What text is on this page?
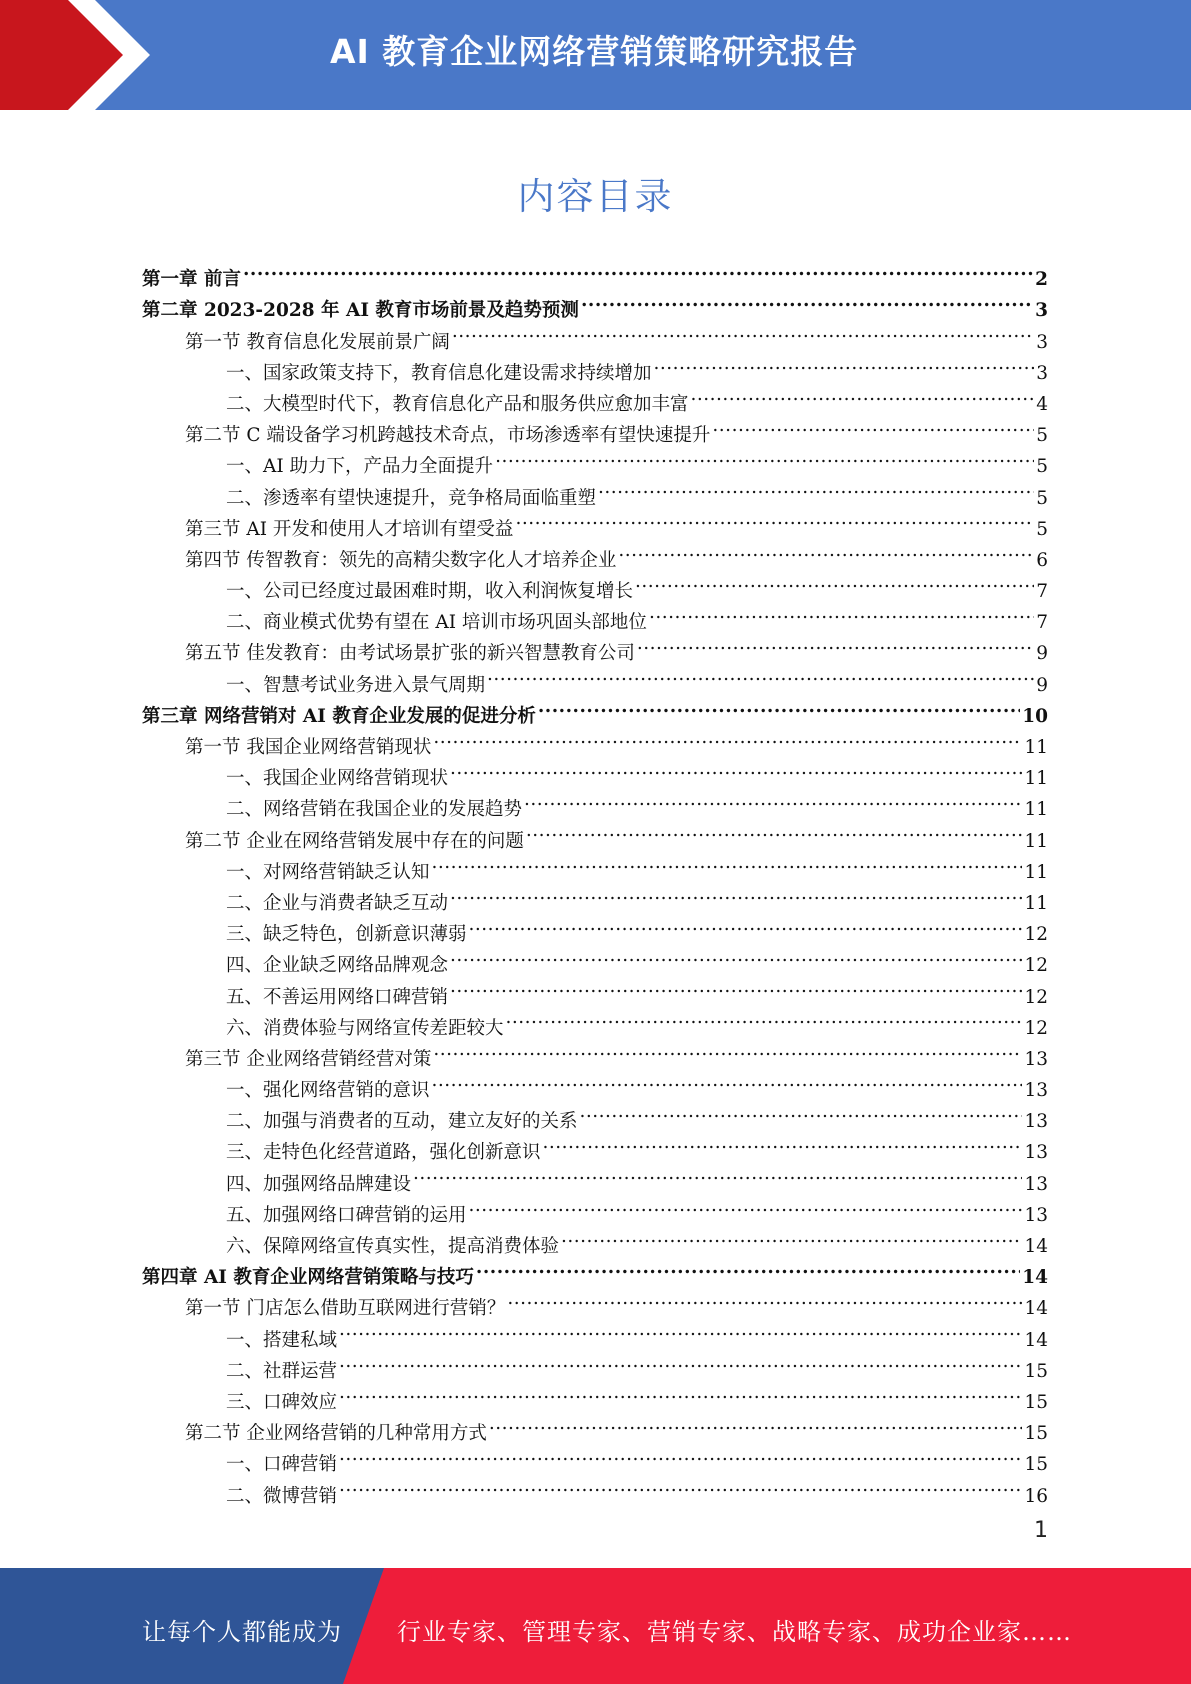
AI 教育企业网络营销策略研究报告
内容目录
第一章 前言 .....	2
第二章 2023-2028 年 AI 教育市场前景及趋势预测 .....	3
第一节 教育信息化发展前景广阔 .....	3
一、国家政策支持下，教育信息化建设需求持续增加 .....	3
二、大模型时代下，教育信息化产品和服务供应愈加丰富 .....	4
第二节 C 端设备学习机跨越技术奇点，市场渗透率有望快速提升 .....	5
一、AI 助力下，产品力全面提升 .....	5
二、渗透率有望快速提升，竞争格局面临重塑 .....	5
第三节 AI 开发和使用人才培训有望受益 .....	5
第四节 传智教育：领先的高精尖数字化人才培养企业 .....	6
一、公司已经度过最困难时期，收入利润恢复增长 .....	7
二、商业模式优势有望在 AI 培训市场巩固头部地位 .....	7
第五节 佳发教育：由考试场景扩张的新兴智慧教育公司 .....	9
一、智慧考试业务进入景气周期 .....	9
第三章 网络营销对 AI 教育企业发展的促进分析 .....	10
第一节 我国企业网络营销现状 .....	11
一、我国企业网络营销现状 .....	11
二、网络营销在我国企业的发展趋势 .....	11
第二节 企业在网络营销发展中存在的问题 .....	11
一、对网络营销缺乏认知 .....	11
二、企业与消费者缺乏互动 .....	11
三、缺乏特色，创新意识薄弱 .....	12
四、企业缺乏网络品牌观念 .....	12
五、不善运用网络口碑营销 .....	12
六、消费体验与网络宣传差距较大 .....	12
第三节 企业网络营销经营对策 .....	13
一、强化网络营销的意识 .....	13
二、加强与消费者的互动，建立友好的关系 .....	13
三、走特色化经营道路，强化创新意识 .....	13
四、加强网络品牌建设 .....	13
五、加强网络口碑营销的运用 .....	13
六、保障网络宣传真实性，提高消费体验 .....	14
第四章 AI 教育企业网络营销策略与技巧 .....	14
第一节 门店怎么借助互联网进行营销？ .....	14
一、搭建私域 .....	14
二、社群运营 .....	15
三、口碑效应 .....	15
第二节 企业网络营销的几种常用方式 .....	15
一、口碑营销 .....	15
二、微博营销 .....	16
1
让每个人都能成为 行业专家、管理专家、营销专家、战略专家、成功企业家……
